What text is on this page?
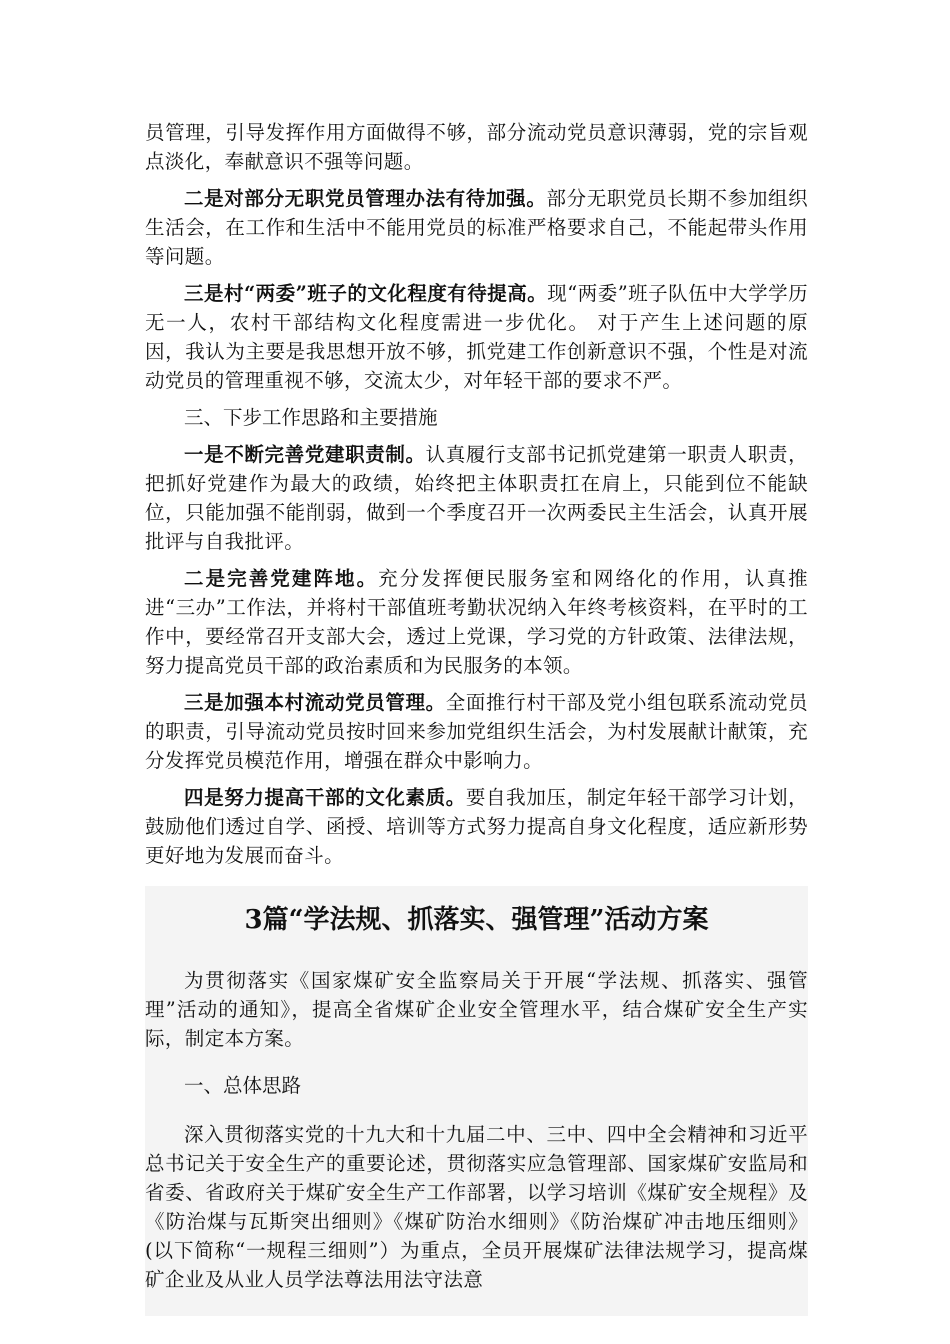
员管理，引导发挥作用方面做得不够，部分流动党员意识薄弱，党的宗旨观点淡化，奉献意识不强等问题。

二是对部分无职党员管理办法有待加强。部分无职党员长期不参加组织生活会，在工作和生活中不能用党员的标准严格要求自己，不能起带头作用等问题。

三是村“两委”班子的文化程度有待提高。现“两委”班子队伍中大学学历无一人，农村干部结构文化程度需进一步优化。 对于产生上述问题的原因，我认为主要是我思想开放不够，抓党建工作创新意识不强，个性是对流动党员的管理重视不够，交流太少，对年轻干部的要求不严。

三、下步工作思路和主要措施

一是不断完善党建职责制。认真履行支部书记抓党建第一职责人职责，把抓好党建作为最大的政绩，始终把主体职责扛在肩上，只能到位不能缺位，只能加强不能削弱，做到一个季度召开一次两委民主生活会，认真开展批评与自我批评。

二是完善党建阵地。充分发挥便民服务室和网络化的作用，认真推进“三办”工作法，并将村干部值班考勤状况纳入年终考核资料，在平时的工作中，要经常召开支部大会，透过上党课，学习党的方针政策、法律法规，努力提高党员干部的政治素质和为民服务的本领。

三是加强本村流动党员管理。全面推行村干部及党小组包联系流动党员的职责，引导流动党员按时回来参加党组织生活会，为村发展献计献策，充分发挥党员模范作用，增强在群众中影响力。

四是努力提高干部的文化素质。要自我加压，制定年轻干部学习计划，鼓励他们透过自学、函授、培训等方式努力提高自身文化程度，适应新形势更好地为发展而奋斗。

3篇“学法规、抓落实、强管理”活动方案

为贯彻落实《国家煤矿安全监察局关于开展“学法规、抓落实、强管理”活动的通知》，提高全省煤矿企业安全管理水平，结合煤矿安全生产实际，制定本方案。

一、总体思路

深入贯彻落实党的十九大和十九届二中、三中、四中全会精神和习近平总书记关于安全生产的重要论述，贯彻落实应急管理部、国家煤矿安监局和省委、省政府关于煤矿安全生产工作部署，以学习培训《煤矿安全规程》及《防治煤与瓦斯突出细则》《煤矿防治水细则》《防治煤矿冲击地压细则》(以下简称“一规程三细则”）为重点，全员开展煤矿法律法规学习，提高煤矿企业及从业人员学法尊法用法守法意
